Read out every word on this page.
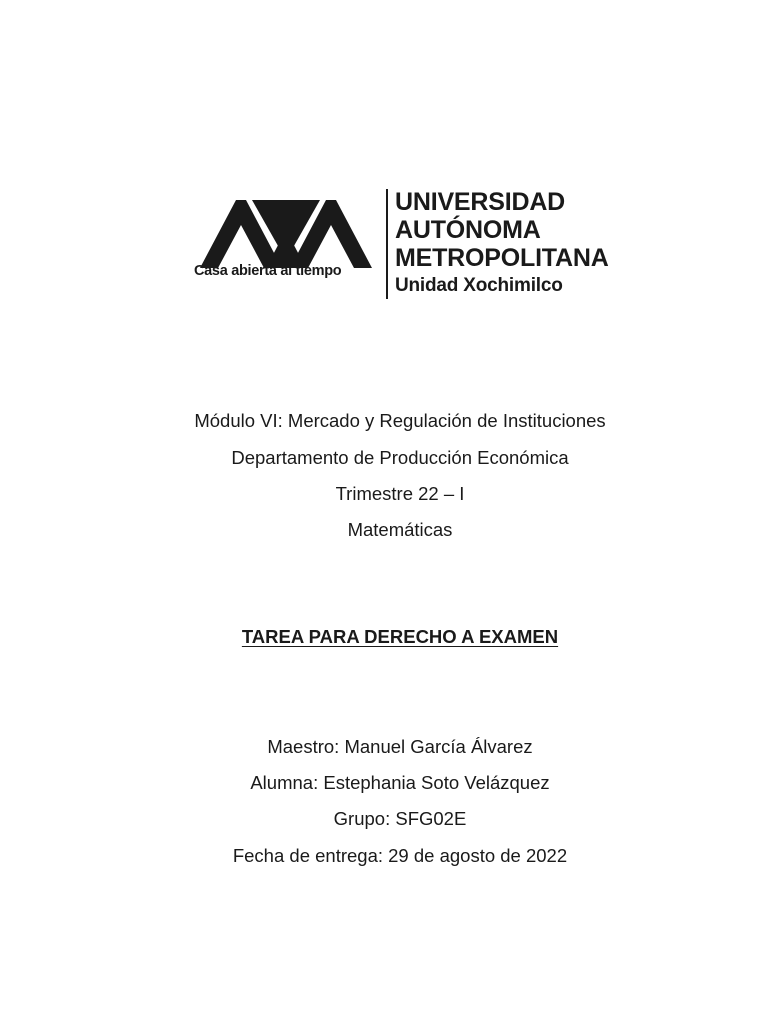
Casa abierta al tiempo
UNIVERSIDAD
AUTÓNOMA
METROPOLITANA
Unidad Xochimilco
Módulo VI: Mercado y Regulación de Instituciones
Departamento de Producción Económica
Trimestre 22 – I
Matemáticas
TAREA PARA DERECHO A EXAMEN
Maestro: Manuel García Álvarez
Alumna: Estephania Soto Velázquez
Grupo: SFG02E
Fecha de entrega: 29 de agosto de 2022
